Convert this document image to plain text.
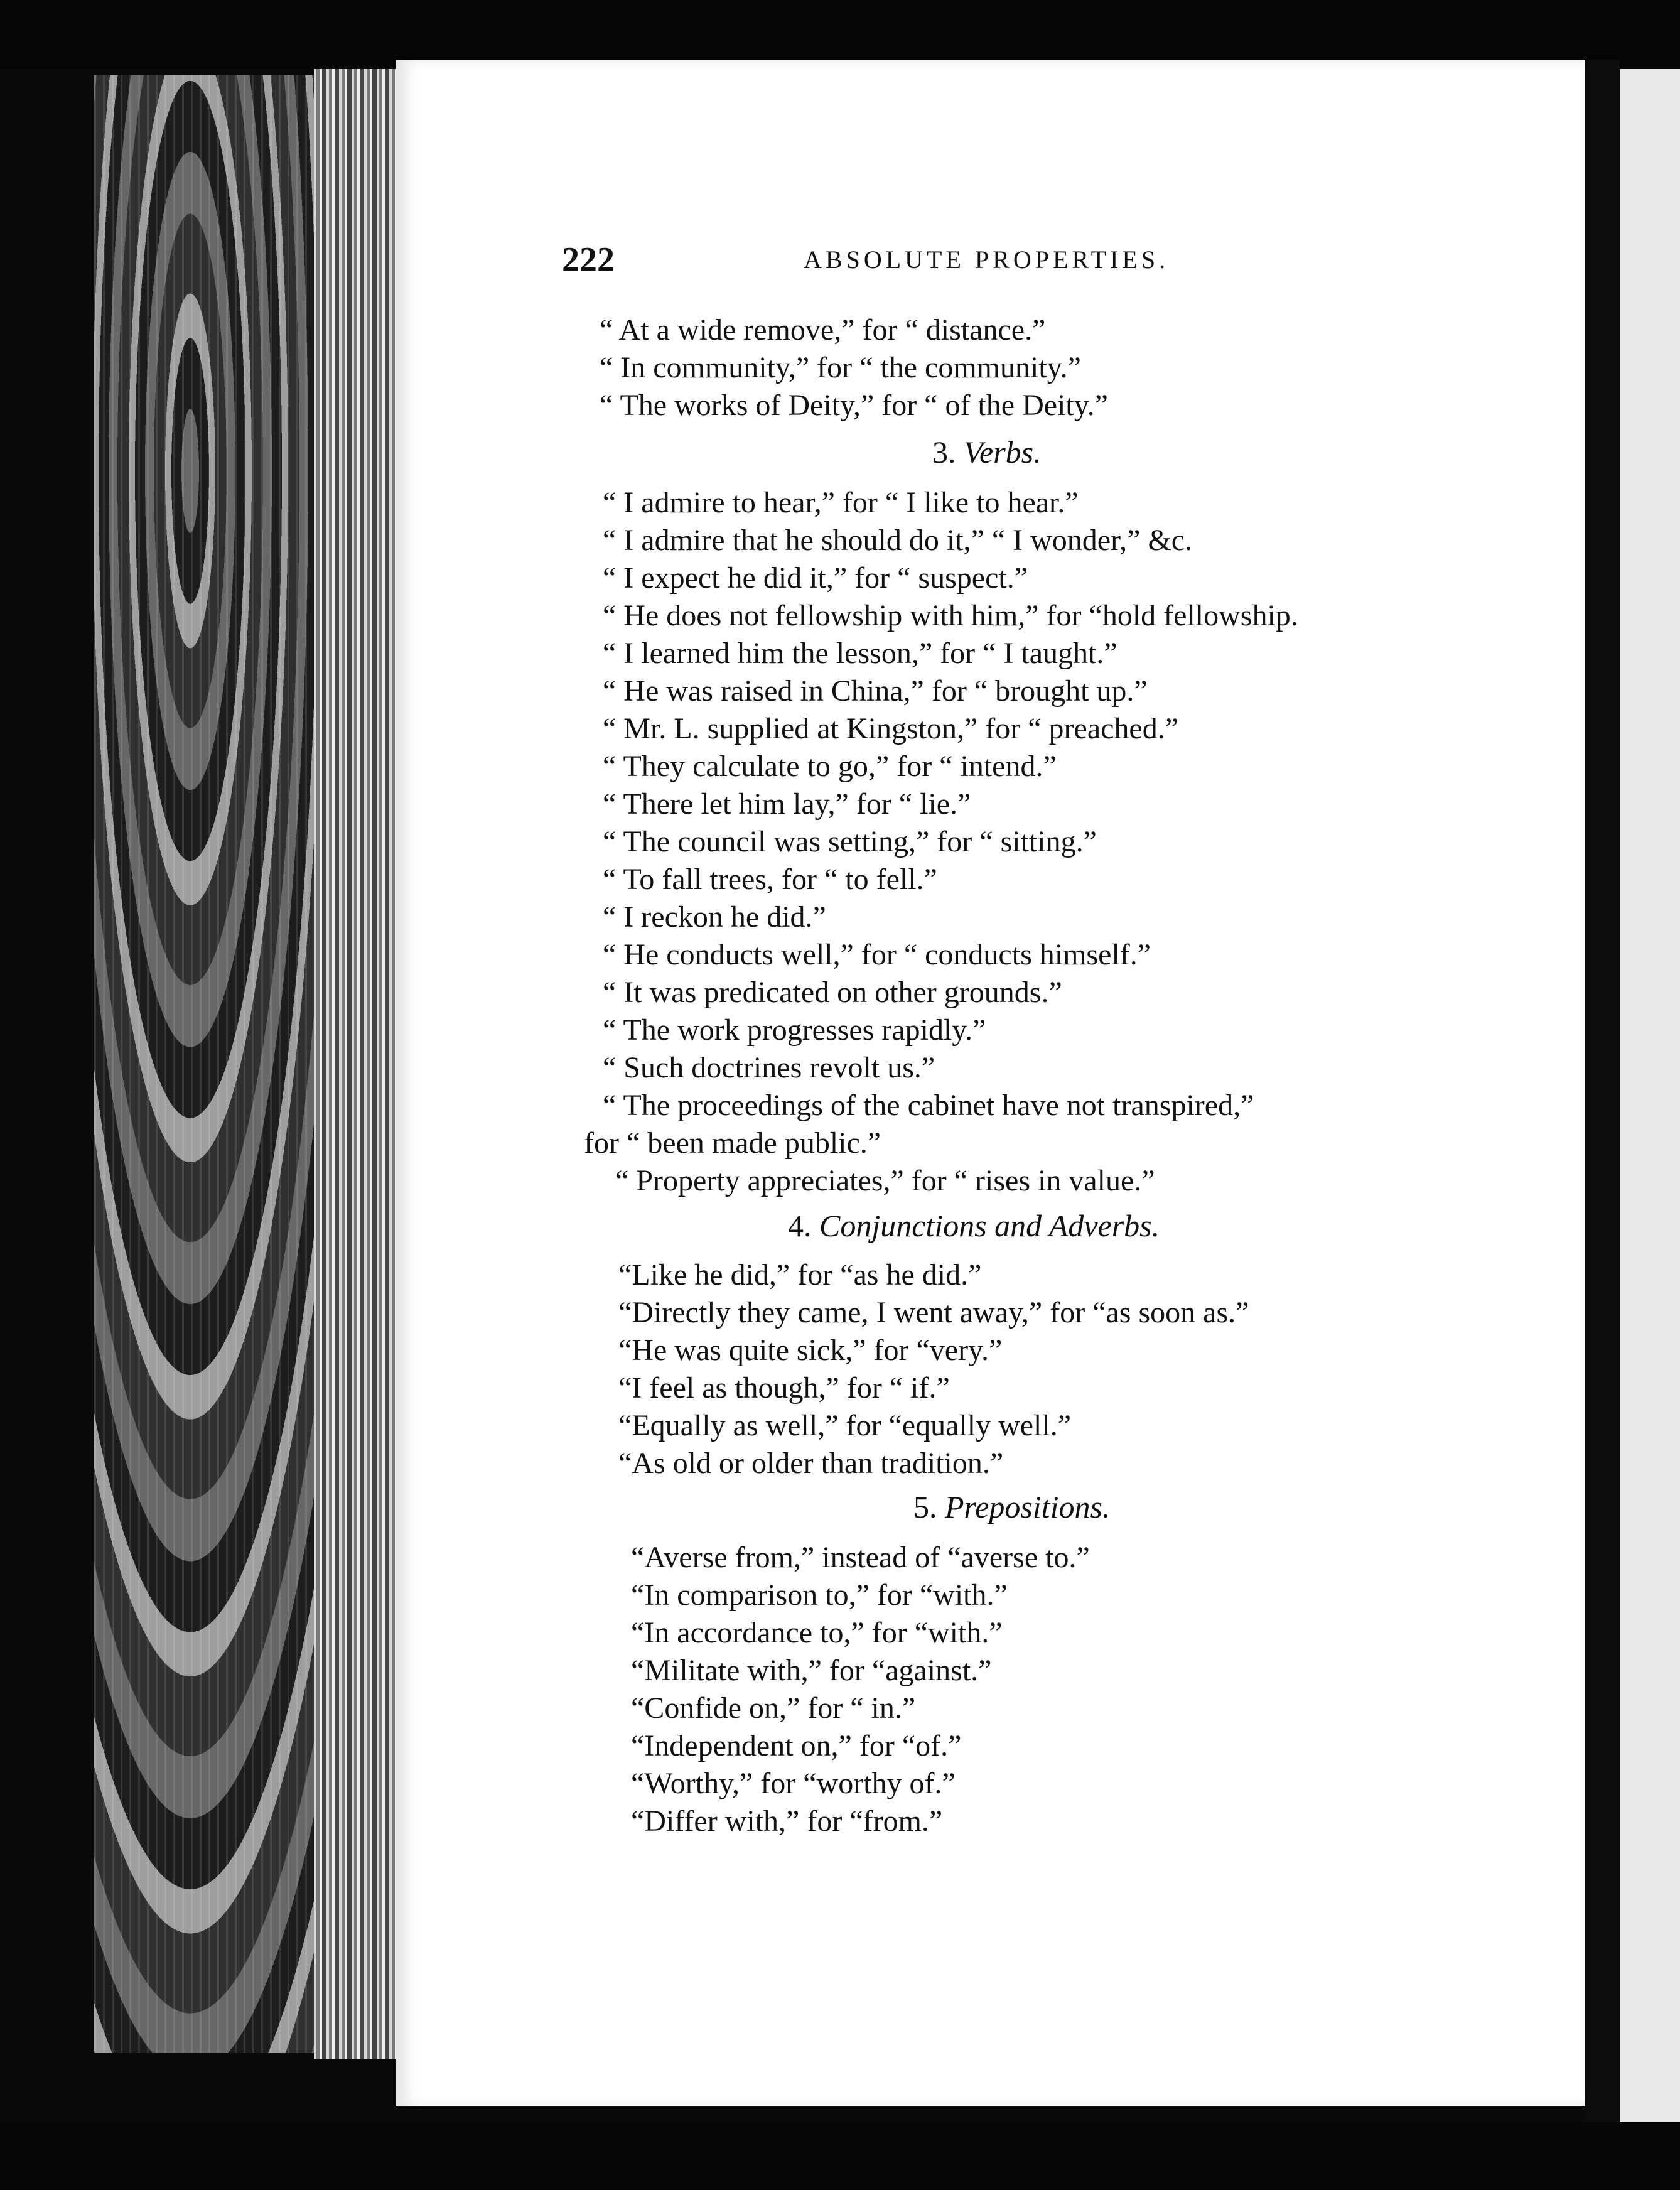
222	ABSOLUTE PROPERTIES.
“ At a wide remove,” for “ distance.”
“ In community,” for “ the community.”
“ The works of Deity,” for “ of the Deity.”
3. Verbs.
“ I admire to hear,” for “ I like to hear.”
“ I admire that he should do it,” “ I wonder,” &c.
“ I expect he did it,” for “ suspect.”
“ He does not fellowship with him,” for “hold fellowship.
“ I learned him the lesson,” for “ I taught.”
“ He was raised in China,” for “ brought up.”
“ Mr. L. supplied at Kingston,” for “ preached.”
“ They calculate to go,” for “ intend.”
“ There let him lay,” for “ lie.”
“ The council was setting,” for “ sitting.”
“ To fall trees, for “ to fell.”
“ I reckon he did.”
“ He conducts well,” for “ conducts himself.”
“ It was predicated on other grounds.”
“ The work progresses rapidly.”
“ Such doctrines revolt us.”
“ The proceedings of the cabinet have not transpired,”
for “ been made public.”
“ Property appreciates,” for “ rises in value.”
4. Conjunctions and Adverbs.
“Like he did,” for “as he did.”
“Directly they came, I went away,” for “as soon as.”
“He was quite sick,” for “very.”
“I feel as though,” for “ if.”
“Equally as well,” for “equally well.”
“As old or older than tradition.”
5. Prepositions.
“Averse from,” instead of “averse to.”
“In comparison to,” for “with.”
“In accordance to,” for “with.”
“Militate with,” for “against.”
“Confide on,” for “ in.”
“Independent on,” for “of.”
“Worthy,” for “worthy of.”
“Differ with,” for “from.”
